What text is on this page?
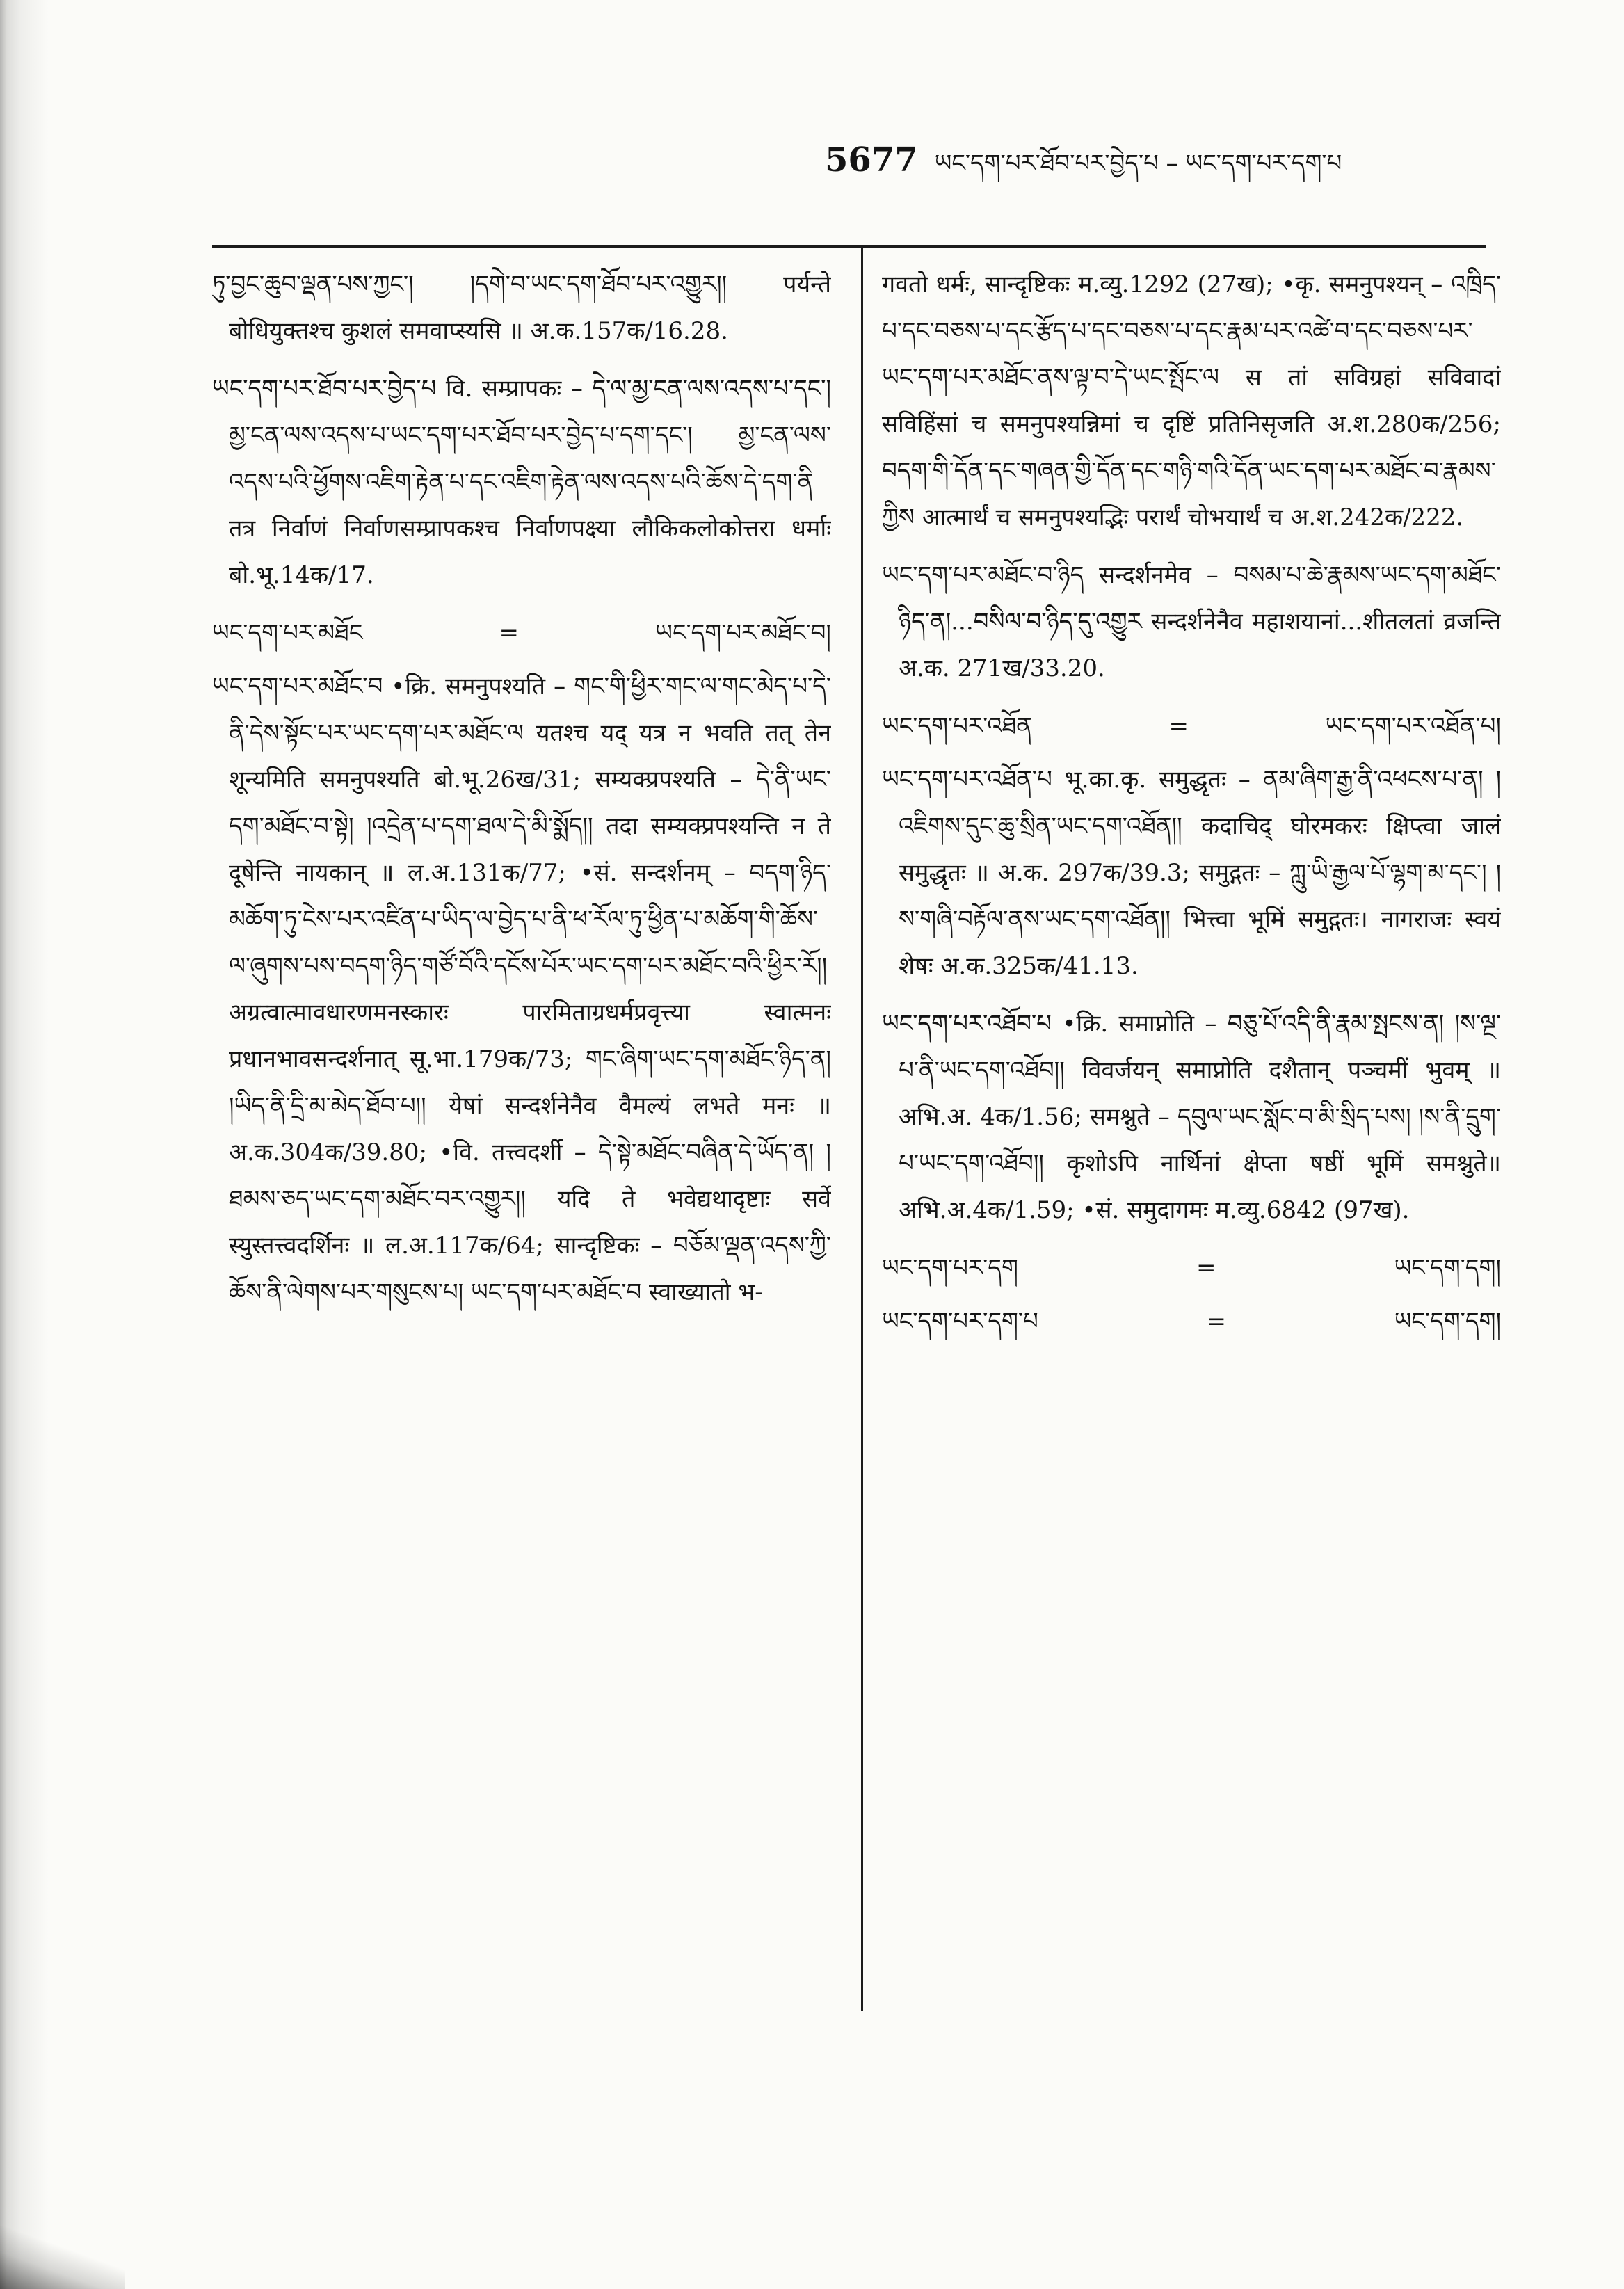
5677 ཡང་དག་པར་ཐོབ་པར་བྱེད་པ – ཡང་དག་པར་དག་པ

ཏུ་བྱང་ཆུབ་ལྡན་པས་ཀྱང་། །དགེ་བ་ཡང་དག་ཐོབ་པར་འགྱུར།། पर्यन्ते बोधियुक्तश्च कुशलं समवाप्स्यसि ॥ अ.क.157क/16.28.

ཡང་དག་པར་ཐོབ་པར་བྱེད་པ वि. सम्प्रापकः – དེ་ལ་མྱ་ངན་ལས་འདས་པ་དང་། མྱ་ངན་ལས་འདས་པ་ཡང་དག་པར་ཐོབ་པར་བྱེད་པ་དག་དང་། མྱ་ངན་ལས་འདས་པའི་ཕྱོགས་འཇིག་རྟེན་པ་དང་འཇིག་རྟེན་ལས་འདས་པའི་ཆོས་དེ་དག་ནི तत्र निर्वाणं निर्वाणसम्प्रापकश्च निर्वाणपक्ष्या लौकिकलोकोत्तरा धर्माः बो.भू.14क/17.

ཡང་དག་པར་མཐོང	=	ཡང་དག་པར་མཐོང་བ།

ཡང་དག་པར་མཐོང་བ •क्रि. समनुपश्यति – གང་གི་ཕྱིར་གང་ལ་གང་མེད་པ་དེ་ནི་དེས་སྟོང་པར་ཡང་དག་པར་མཐོང་ལ यतश्च यद् यत्र न भवति तत् तेन शून्यमिति समनुपश्यति बो.भू.26ख/31; सम्यक्प्रपश्यति – དེ་ནི་ཡང་དག་མཐོང་བ་སྟེ། །འདྲེན་པ་དག་ཐལ་དེ་མི་སྨོད།། तदा सम्यक्प्रपश्यन्ति न ते दूषेन्ति नायकान् ॥ ल.अ.131क/77; •सं. सन्दर्शनम् – བདག་ཉིད་མཆོག་ཏུ་ངེས་པར་འཛིན་པ་ཡིད་ལ་བྱེད་པ་ནི་ཕ་རོལ་ཏུ་ཕྱིན་པ་མཆོག་གི་ཆོས་ལ་ཞུགས་པས་བདག་ཉིད་གཙོ་བོའི་དངོས་པོར་ཡང་དག་པར་མཐོང་བའི་ཕྱིར་རོ།། अग्रत्वात्मावधारणमनस्कारः पारमिताग्रधर्मप्रवृत्त्या स्वात्मनः प्रधानभावसन्दर्शनात् सू.भा.179क/73; གང་ཞིག་ཡང་དག་མཐོང་ཉིད་ན། །ཡིད་ནི་དྲི་མ་མེད་ཐོབ་པ།། येषां सन्दर्शनेनैव वैमल्यं लभते मनः ॥ अ.क.304क/39.80; •वि. तत्त्वदर्शी – དེ་སྟེ་མཐོང་བཞིན་དེ་ཡོད་ན། །ཐམས་ཅད་ཡང་དག་མཐོང་བར་འགྱུར།། यदि ते भवेद्यथादृष्टाः सर्वे स्युस्तत्त्वदर्शिनः ॥ ल.अ.117क/64; सान्दृष्टिकः – བཅོམ་ལྡན་འདས་ཀྱི་ཆོས་ནི་ལེགས་པར་གསུངས་པ། ཡང་དག་པར་མཐོང་བ स्वाख्यातो भ-

गवतो धर्मः, सान्दृष्टिकः म.व्यु.1292 (27ख); •कृ. समनुपश्यन् – འཁྲིད་པ་དང་བཅས་པ་དང་རྩོད་པ་དང་བཅས་པ་དང་རྣམ་པར་འཚེ་བ་དང་བཅས་པར་ཡང་དག་པར་མཐོང་ནས་ལྟ་བ་དེ་ཡང་སྤོང་ལ स तां सविग्रहां सविवादां सविहिंसां च समनुपश्यन्निमां च दृष्टिं प्रतिनिसृजति अ.श.280क/256; བདག་གི་དོན་དང་གཞན་གྱི་དོན་དང་གཉི་གའི་དོན་ཡང་དག་པར་མཐོང་བ་རྣམས་ཀྱིས आत्मार्थं च समनुपश्यद्भिः परार्थं चोभयार्थं च अ.श.242क/222.

ཡང་དག་པར་མཐོང་བ་ཉིད सन्दर्शनमेव – བསམ་པ་ཆེ་རྣམས་ཡང་དག་མཐོང་ཉིད་ན།...བསིལ་བ་ཉིད་དུ་འགྱུར सन्दर्शनेनैव महाशयानां...शीतलतां व्रजन्ति अ.क. 271ख/33.20.

ཡང་དག་པར་འཐོན	=	ཡང་དག་པར་འཐོན་པ།

ཡང་དག་པར་འཐོན་པ भू.का.कृ. समुद्धृतः – ནམ་ཞིག་རྒྱ་ནི་འཕངས་པ་ན། །འཇིགས་དུང་ཆུ་སྲིན་ཡང་དག་འཐོན།། कदाचिद् घोरमकरः क्षिप्त्वा जालं समुद्धृतः ॥ अ.क. 297क/39.3; समुद्गतः – ཀླུ་ཡི་རྒྱལ་པོ་ལྷག་མ་དང་། །ས་གཞི་བརྟོལ་ནས་ཡང་དག་འཐོན།། भित्त्वा भूमिं समुद्गतः। नागराजः स्वयं शेषः अ.क.325क/41.13.

ཡང་དག་པར་འཐོབ་པ •क्रि. समाप्नोति – བཅུ་པོ་འདི་ནི་རྣམ་སྤངས་ན། །ས་ལྔ་པ་ནི་ཡང་དག་འཐོབ།། विवर्जयन् समाप्नोति दशैतान् पञ्चमीं भुवम् ॥ अभि.अ. 4क/1.56; समश्नुते – དབུལ་ཡང་སློང་བ་མི་སྲིད་པས། །ས་ནི་དྲུག་པ་ཡང་དག་འཐོབ།། कृशोऽपि नार्थिनां क्षेप्ता षष्ठीं भूमिं समश्नुते॥ अभि.अ.4क/1.59; •सं. समुदागमः म.व्यु.6842 (97ख).

ཡང་དག་པར་དག	=	ཡང་དག་དག།

ཡང་དག་པར་དག་པ	=	ཡང་དག་དག།
